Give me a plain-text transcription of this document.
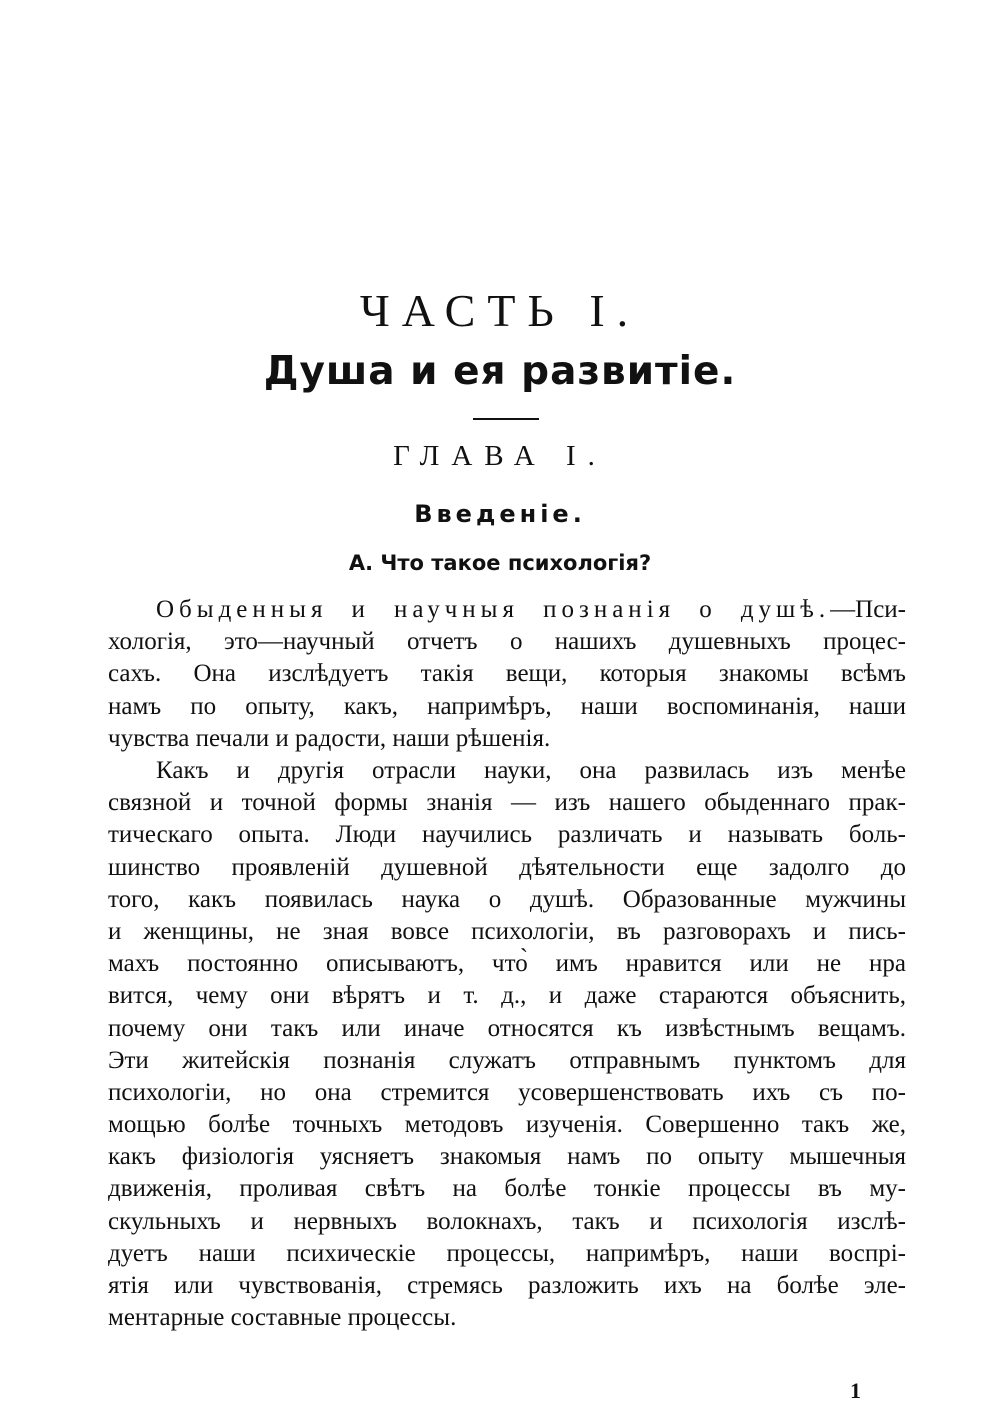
ЧАСТЬ I.
Душа и ея развитіе.
ГЛАВА I.
Введеніе.
А. Что такое психологія?
Обыденныя и научныя познанія о душѣ.—Пси-
хологія, это—научный отчетъ о нашихъ душевныхъ процес-
сахъ. Она изслѣдуетъ такія вещи, которыя знакомы всѣмъ
намъ по опыту, какъ, напримѣръ, наши воспоминанія, наши
чувства печали и радости, наши рѣшенія.
Какъ и другія отрасли науки, она развилась изъ менѣе
связной и точной формы знанія — изъ нашего обыденнаго прак-
тическаго опыта. Люди научились различать и называть боль-
шинство проявленій душевной дѣятельности еще задолго до
того, какъ появилась наука о душѣ. Образованные мужчины
и женщины, не зная вовсе психологіи, въ разговорахъ и пись-
махъ постоянно описываютъ, что̀ имъ нравится или не нра
вится, чему они вѣрятъ и т. д., и даже стараются объяснить,
почему они такъ или иначе относятся къ извѣстнымъ вещамъ.
Эти житейскія познанія служатъ отправнымъ пунктомъ для
психологіи, но она стремится усовершенствовать ихъ съ по-
мощью болѣе точныхъ методовъ изученія. Совершенно такъ же,
какъ физіологія уясняетъ знакомыя намъ по опыту мышечныя
движенія, проливая свѣтъ на болѣе тонкіе процессы въ му-
скульныхъ и нервныхъ волокнахъ, такъ и психологія изслѣ-
дуетъ наши психическіе процессы, напримѣръ, наши воспрі-
ятія или чувствованія, стремясь разложить ихъ на болѣе эле-
ментарные составные процессы.
1
